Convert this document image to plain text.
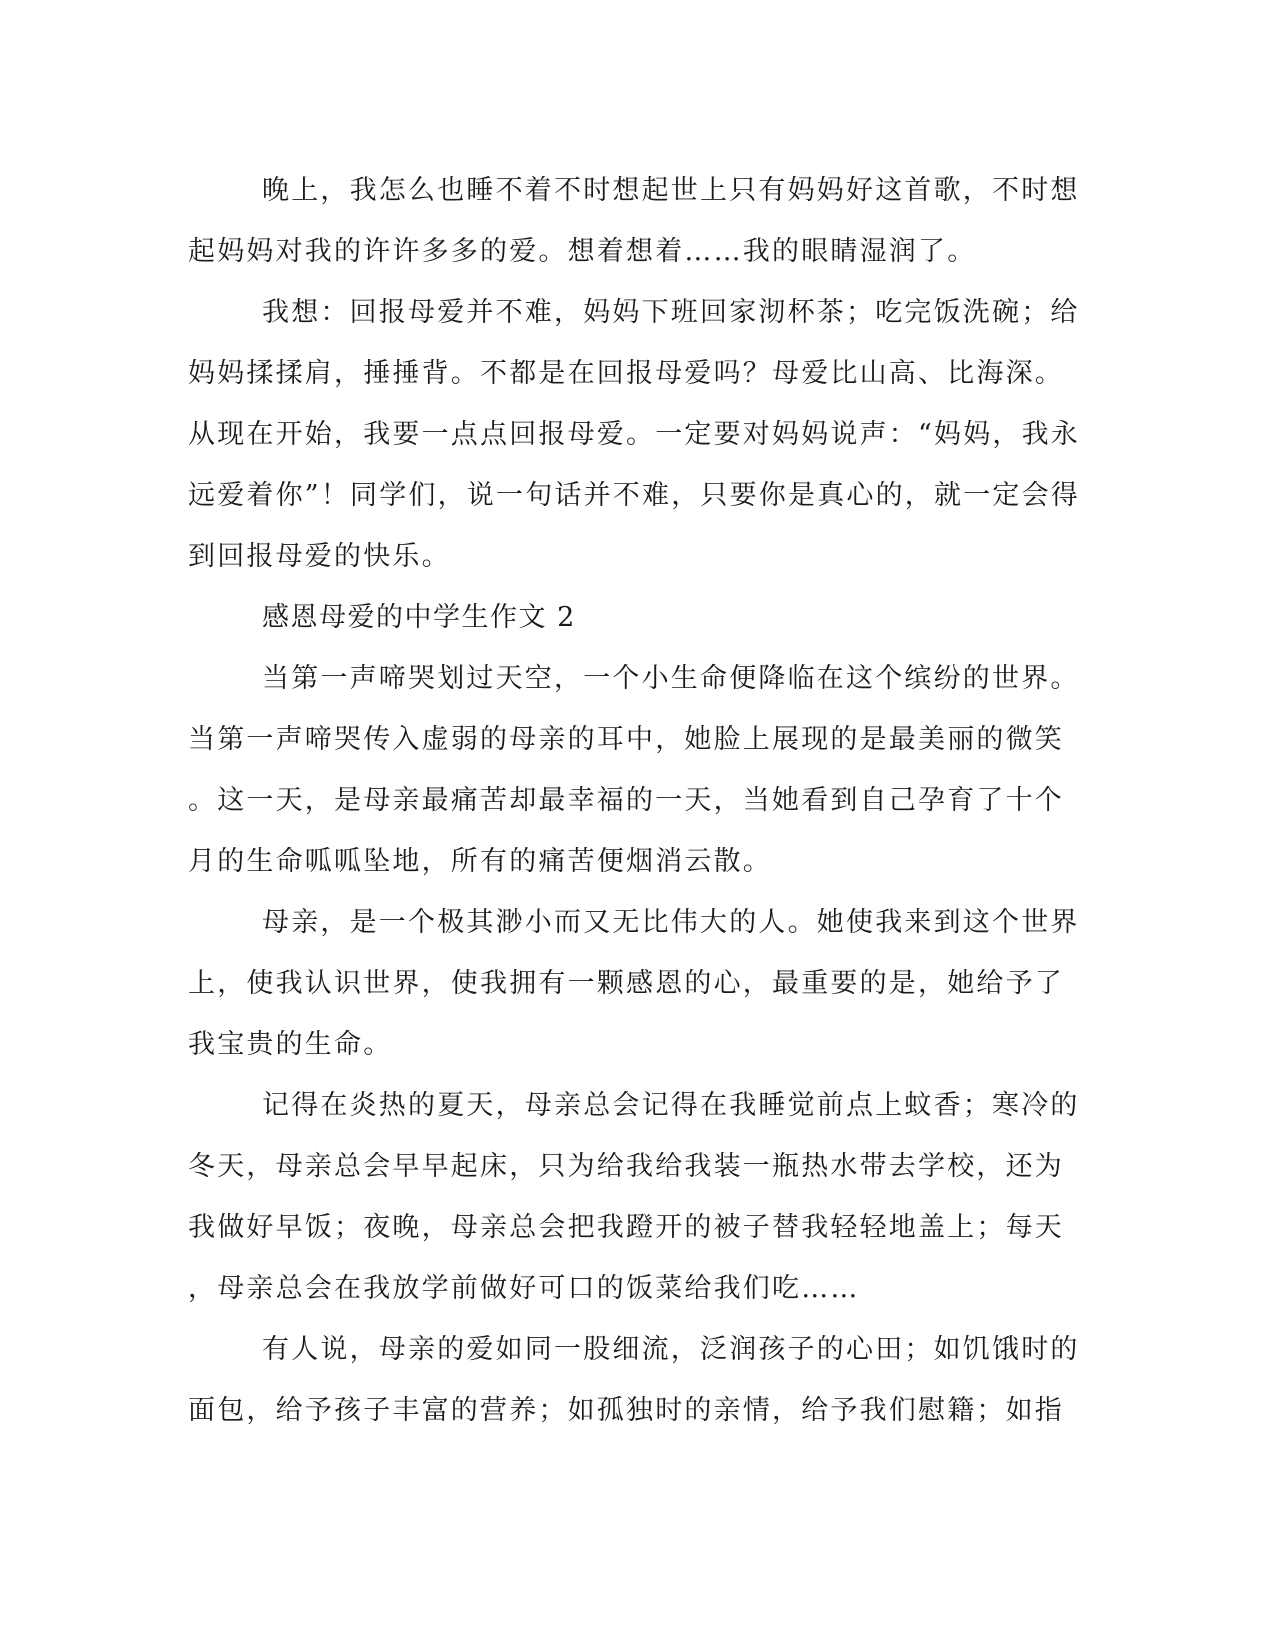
晚上，我怎么也睡不着不时想起世上只有妈妈好这首歌，不时想
起妈妈对我的许许多多的爱。想着想着……我的眼睛湿润了。
我想：回报母爱并不难，妈妈下班回家沏杯茶；吃完饭洗碗；给
妈妈揉揉肩，捶捶背。不都是在回报母爱吗？母爱比山高、比海深。
从现在开始，我要一点点回报母爱。一定要对妈妈说声：“妈妈，我永
远爱着你”！同学们，说一句话并不难，只要你是真心的，就一定会得
到回报母爱的快乐。
感恩母爱的中学生作文 2
当第一声啼哭划过天空，一个小生命便降临在这个缤纷的世界。
当第一声啼哭传入虚弱的母亲的耳中，她脸上展现的是最美丽的微笑
。这一天，是母亲最痛苦却最幸福的一天，当她看到自己孕育了十个
月的生命呱呱坠地，所有的痛苦便烟消云散。
母亲，是一个极其渺小而又无比伟大的人。她使我来到这个世界
上，使我认识世界，使我拥有一颗感恩的心，最重要的是，她给予了
我宝贵的生命。
记得在炎热的夏天，母亲总会记得在我睡觉前点上蚊香；寒冷的
冬天，母亲总会早早起床，只为给我给我装一瓶热水带去学校，还为
我做好早饭；夜晚，母亲总会把我蹬开的被子替我轻轻地盖上；每天
，母亲总会在我放学前做好可口的饭菜给我们吃……
有人说，母亲的爱如同一股细流，泛润孩子的心田；如饥饿时的
面包，给予孩子丰富的营养；如孤独时的亲情，给予我们慰籍；如指
